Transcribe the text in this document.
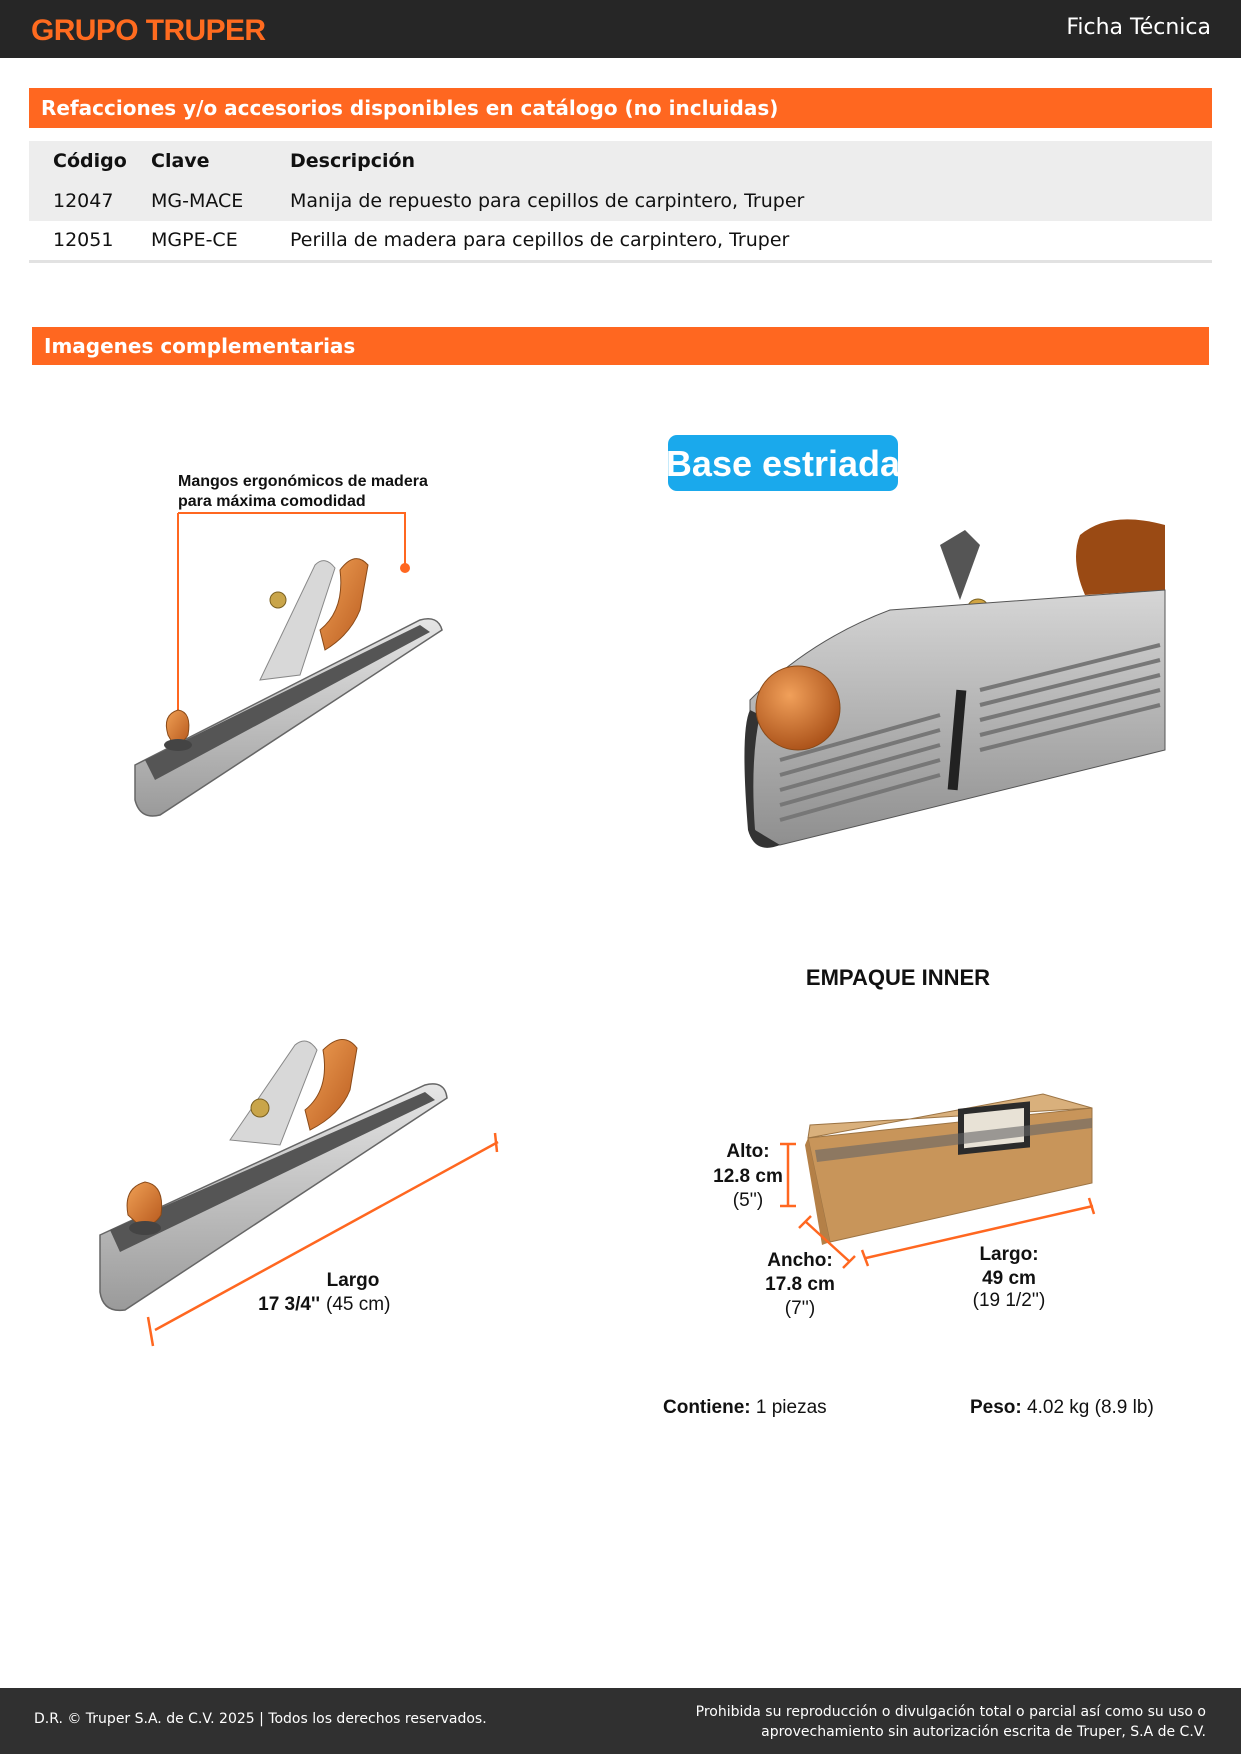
GRUPO TRUPER	Ficha Técnica
Refacciones y/o accesorios disponibles en catálogo (no incluidas)
Código	Clave	Descripción
12047	MG-MACE	Manija de repuesto para cepillos de carpintero, Truper
12051	MGPE-CE	Perilla de madera para cepillos de carpintero, Truper
Imagenes complementarias
Mangos ergonómicos de madera
para máxima comodidad
Base estriada
Largo
17 3/4'' (45 cm)
EMPAQUE INNER
Alto:
12.8 cm
(5'')
Ancho:
17.8 cm
(7'')
Largo:
49 cm
(19 1/2'')
Contiene: 1 piezas	Peso: 4.02 kg (8.9 lb)
D.R. © Truper S.A. de C.V. 2025 | Todos los derechos reservados.	Prohibida su reproducción o divulgación total o parcial así como su uso o
aprovechamiento sin autorización escrita de Truper, S.A de C.V.
